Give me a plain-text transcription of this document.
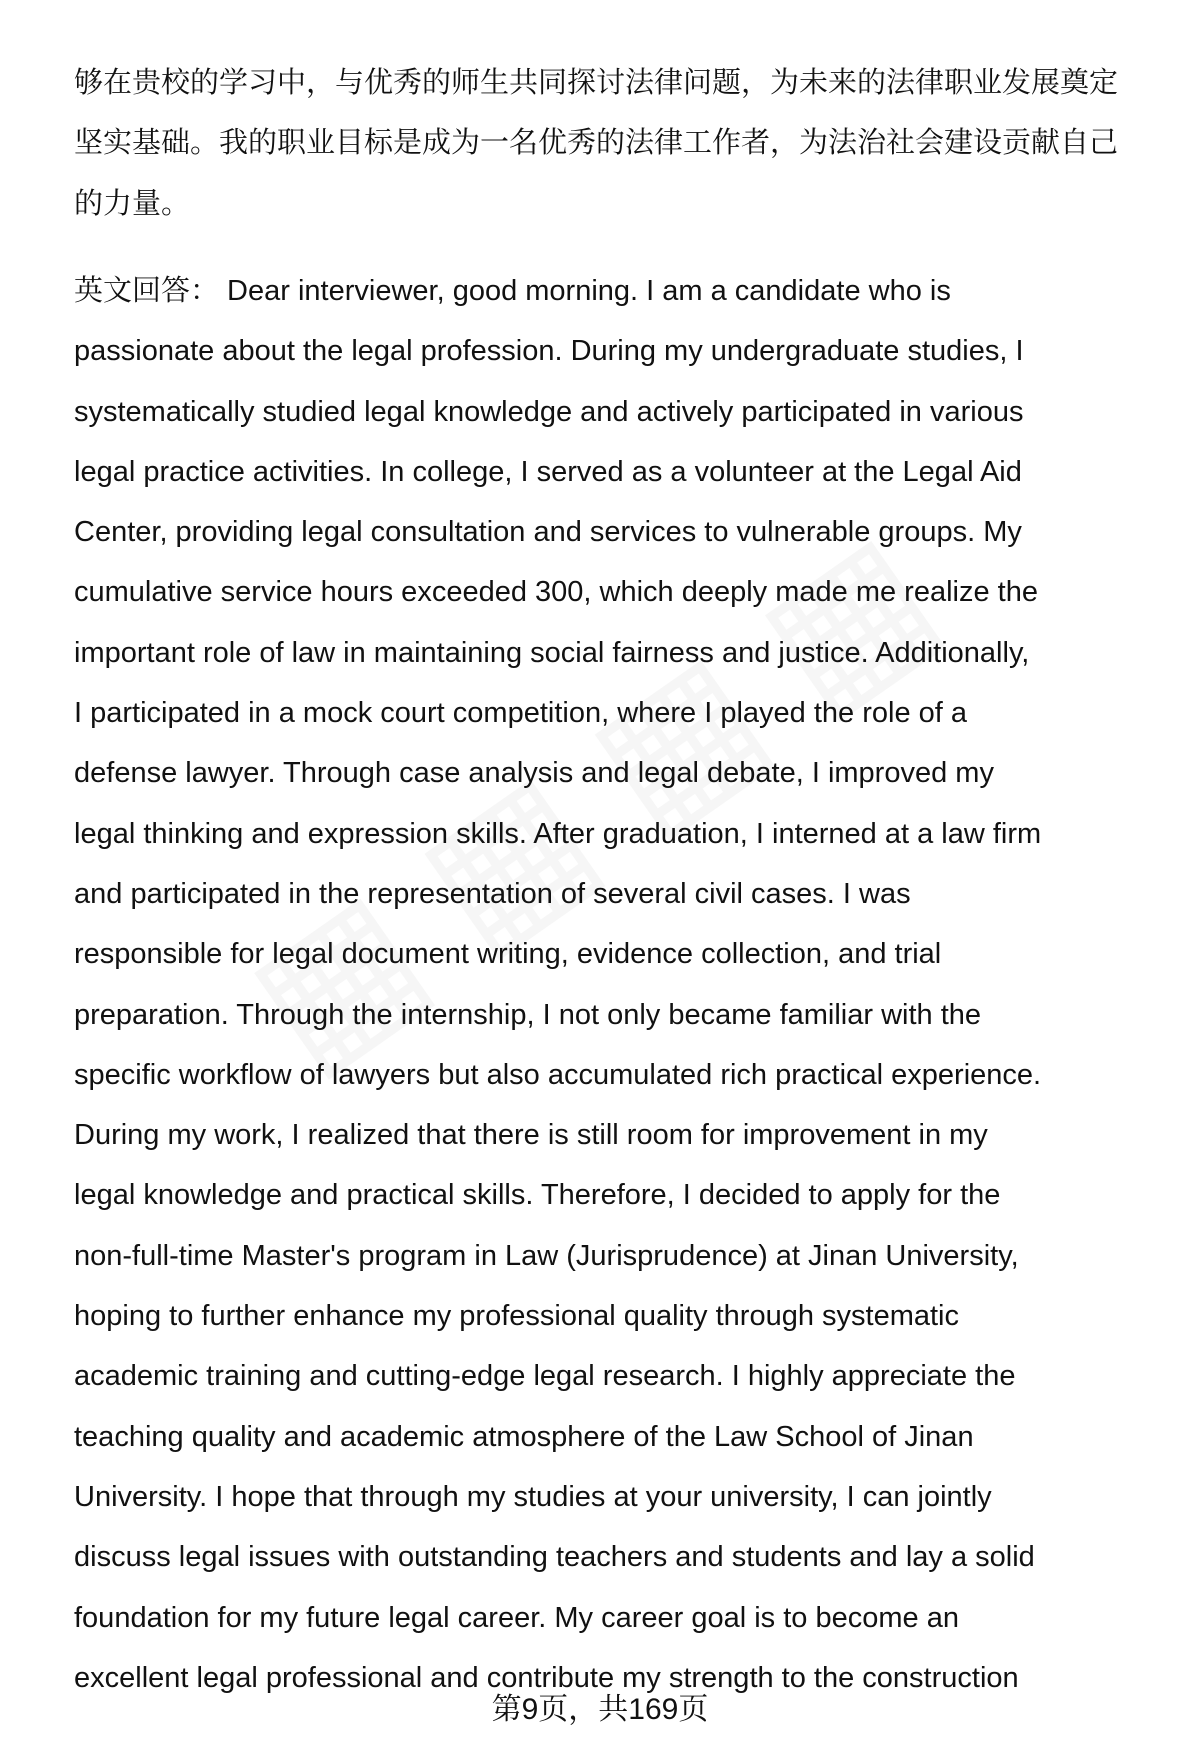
够在贵校的学习中，与优秀的师生共同探讨法律问题，为未来的法律职业发展奠定
坚实基础。我的职业目标是成为一名优秀的法律工作者，为法治社会建设贡献自己
的力量。
英文回答： Dear interviewer, good morning. I am a candidate who is
passionate about the legal profession. During my undergraduate studies, I
systematically studied legal knowledge and actively participated in various
legal practice activities. In college, I served as a volunteer at the Legal Aid
Center, providing legal consultation and services to vulnerable groups. My
cumulative service hours exceeded 300, which deeply made me realize the
important role of law in maintaining social fairness and justice. Additionally,
I participated in a mock court competition, where I played the role of a
defense lawyer. Through case analysis and legal debate, I improved my
legal thinking and expression skills. After graduation, I interned at a law firm
and participated in the representation of several civil cases. I was
responsible for legal document writing, evidence collection, and trial
preparation. Through the internship, I not only became familiar with the
specific workflow of lawyers but also accumulated rich practical experience.
During my work, I realized that there is still room for improvement in my
legal knowledge and practical skills. Therefore, I decided to apply for the
non-full-time Master's program in Law (Jurisprudence) at Jinan University,
hoping to further enhance my professional quality through systematic
academic training and cutting-edge legal research. I highly appreciate the
teaching quality and academic atmosphere of the Law School of Jinan
University. I hope that through my studies at your university, I can jointly
discuss legal issues with outstanding teachers and students and lay a solid
foundation for my future legal career. My career goal is to become an
excellent legal professional and contribute my strength to the construction
第9页，共169页
